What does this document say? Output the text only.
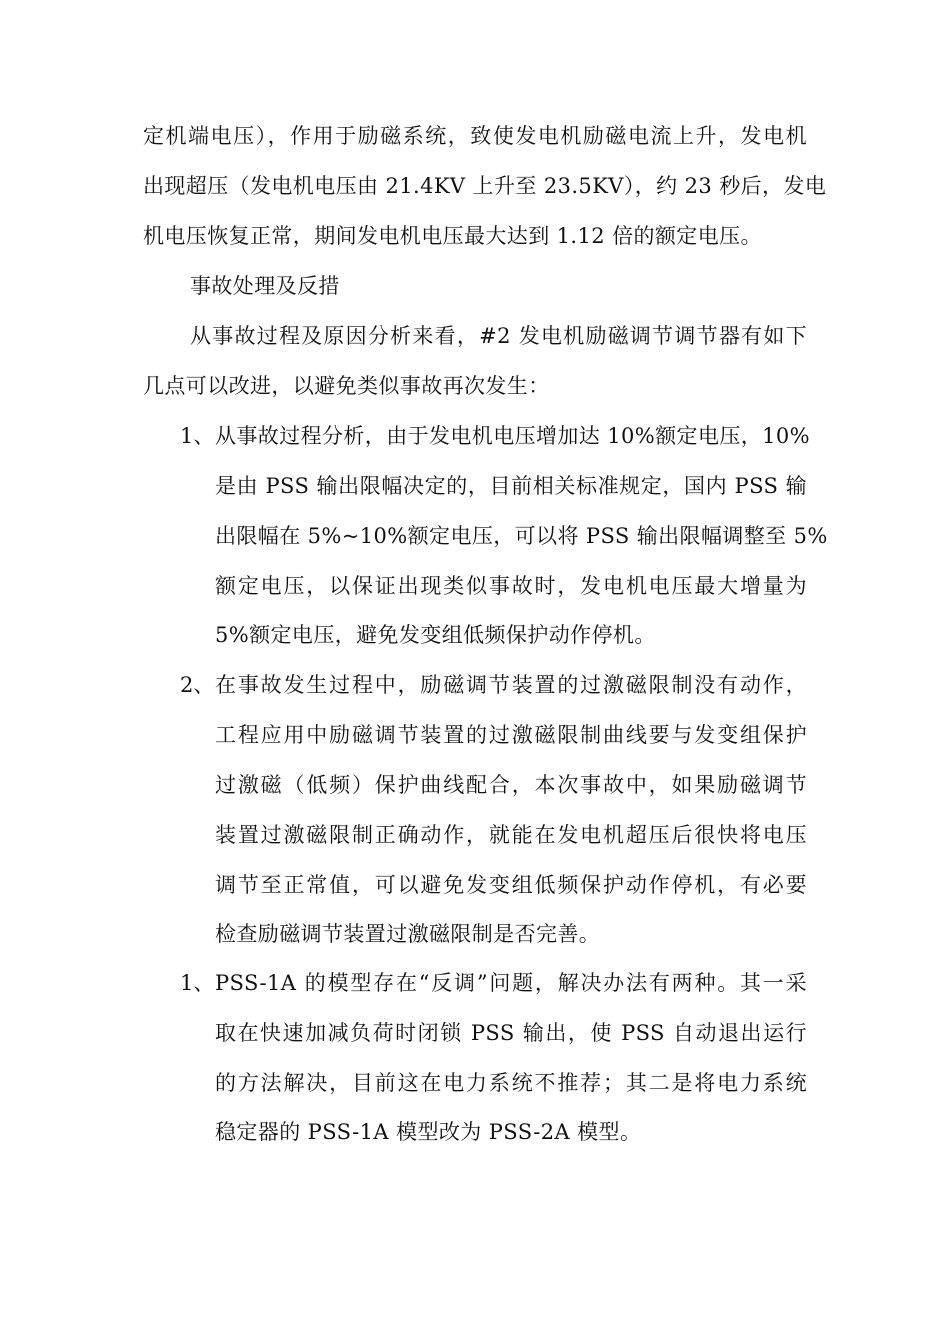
定机端电压），作用于励磁系统，致使发电机励磁电流上升，发电机
出现超压（发电机电压由 21.4KV 上升至 23.5KV），约 23 秒后，发电
机电压恢复正常，期间发电机电压最大达到 1.12 倍的额定电压。
事故处理及反措
从事故过程及原因分析来看，#2 发电机励磁调节调节器有如下
几点可以改进，以避免类似事故再次发生：
1、 从事故过程分析，由于发电机电压增加达 10%额定电压，10%
是由 PSS 输出限幅决定的，目前相关标准规定，国内 PSS 输
出限幅在 5%~10%额定电压，可以将 PSS 输出限幅调整至 5%
额定电压，以保证出现类似事故时，发电机电压最大增量为
5%额定电压，避免发变组低频保护动作停机。
2、 在事故发生过程中，励磁调节装置的过激磁限制没有动作，
工程应用中励磁调节装置的过激磁限制曲线要与发变组保护
过激磁（低频）保护曲线配合，本次事故中，如果励磁调节
装置过激磁限制正确动作，就能在发电机超压后很快将电压
调节至正常值，可以避免发变组低频保护动作停机，有必要
检查励磁调节装置过激磁限制是否完善。
1、 PSS-1A 的模型存在“反调”问题，解决办法有两种。其一采
取在快速加减负荷时闭锁 PSS 输出，使 PSS 自动退出运行
的方法解决，目前这在电力系统不推荐；其二是将电力系统
稳定器的 PSS-1A 模型改为 PSS-2A 模型。
